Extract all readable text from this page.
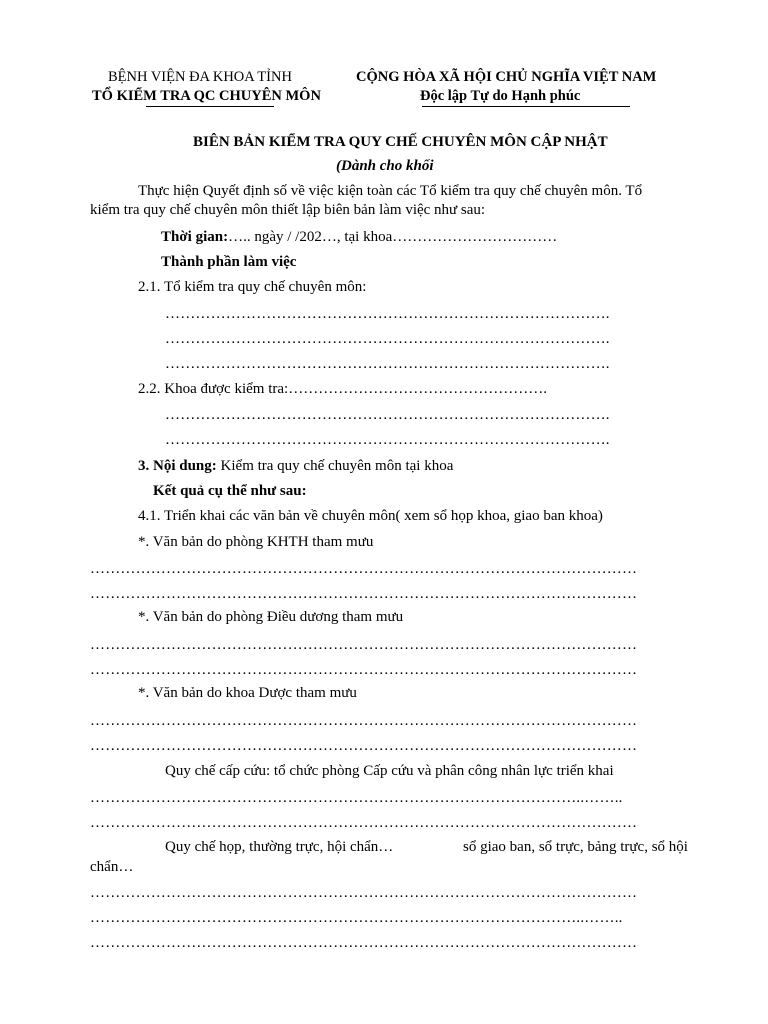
BỆNH VIỆN ĐA KHOA TỈNH
TỔ KIỂM TRA QC CHUYÊN MÔN
CỘNG HÒA XÃ HỘI CHỦ NGHĨA VIỆT NAM
Độc lập Tự do Hạnh phúc
BIÊN BẢN KIỂM TRA QUY CHẾ CHUYÊN MÔN CẬP NHẬT
(Dành cho khối
Thực hiện Quyết định số về việc kiện toàn các Tổ kiểm tra quy chế chuyên môn. Tổ
kiểm tra quy chế chuyên môn thiết lập biên bản làm việc như sau:
Thời gian:….. ngày / /202…, tại khoa……………………………
Thành phần làm việc
2.1. Tổ kiểm tra quy chế chuyên môn:
…………………………………………………………………………….
…………………………………………………………………………….
…………………………………………………………………………….
2.2. Khoa được kiểm tra:…………………………………………….
…………………………………………………………………………….
…………………………………………………………………………….
3. Nội dung: Kiểm tra quy chế chuyên môn tại khoa
Kết quả cụ thể như sau:
4.1. Triển khai các văn bản về chuyên môn( xem sổ họp khoa, giao ban khoa)
*. Văn bản do phòng KHTH tham mưu
………………………………………………………………………………………………
………………………………………………………………………………………………
*. Văn bản do phòng Điều dương tham mưu
………………………………………………………………………………………………
………………………………………………………………………………………………
*. Văn bản do khoa Dược tham mưu
………………………………………………………………………………………………
………………………………………………………………………………………………
Quy chế cấp cứu: tổ chức phòng Cấp cứu và phân công nhân lực triển khai
……………………………………………………………………………………..……..
………………………………………………………………………………………………
Quy chế họp, thường trực, hội chẩn…	sổ giao ban, sổ trực, bảng trực, sổ hội
chẩn…
………………………………………………………………………………………………
……………………………………………………………………………………..……..
………………………………………………………………………………………………
